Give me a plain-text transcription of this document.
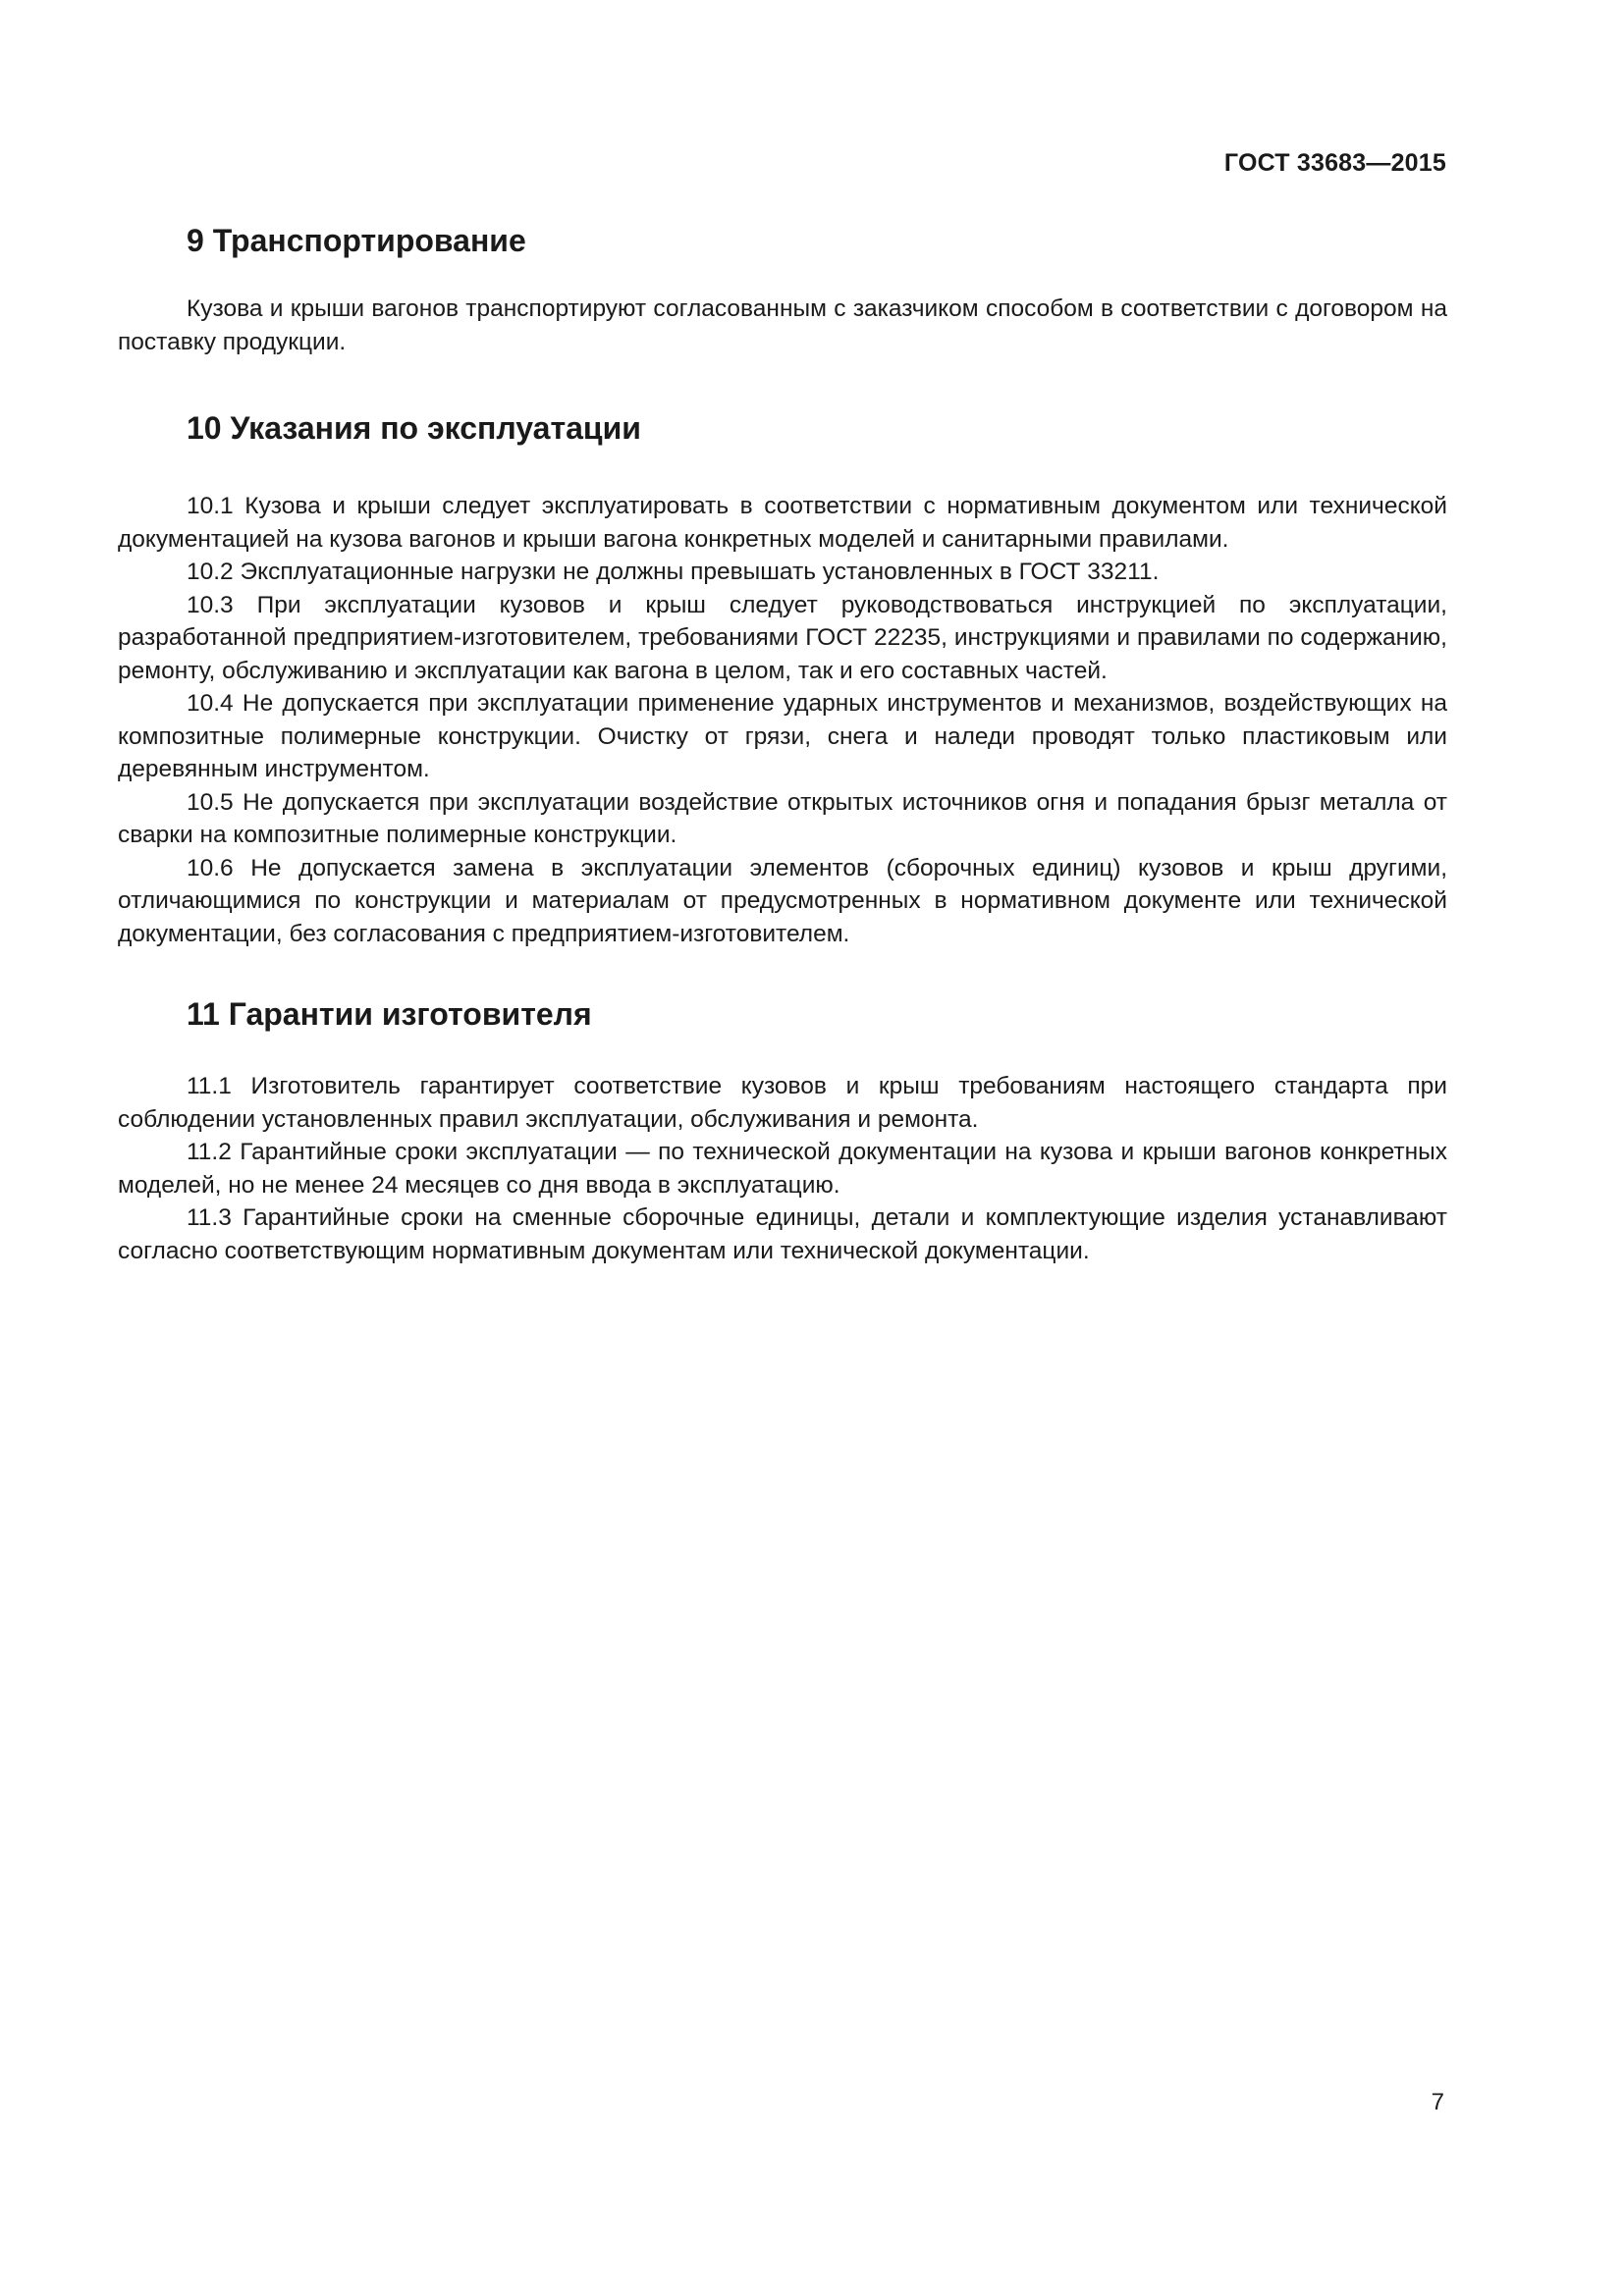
ГОСТ 33683—2015
9 Транспортирование

Кузова и крыши вагонов транспортируют согласованным с заказчиком способом в соответствии с договором на поставку продукции.

10 Указания по эксплуатации

10.1 Кузова и крыши следует эксплуатировать в соответствии с нормативным документом или технической документацией на кузова вагонов и крыши вагона конкретных моделей и санитарными правилами.

10.2 Эксплуатационные нагрузки не должны превышать установленных в ГОСТ 33211.

10.3 При эксплуатации кузовов и крыш следует руководствоваться инструкцией по эксплуатации, разработанной предприятием-изготовителем, требованиями ГОСТ 22235, инструкциями и правилами по содержанию, ремонту, обслуживанию и эксплуатации как вагона в целом, так и его составных частей.

10.4 Не допускается при эксплуатации применение ударных инструментов и механизмов, воздействующих на композитные полимерные конструкции. Очистку от грязи, снега и наледи проводят только пластиковым или деревянным инструментом.

10.5 Не допускается при эксплуатации воздействие открытых источников огня и попадания брызг металла от сварки на композитные полимерные конструкции.

10.6 Не допускается замена в эксплуатации элементов (сборочных единиц) кузовов и крыш другими, отличающимися по конструкции и материалам от предусмотренных в нормативном документе или технической документации, без согласования с предприятием-изготовителем.

11 Гарантии изготовителя

11.1 Изготовитель гарантирует соответствие кузовов и крыш требованиям настоящего стандарта при соблюдении установленных правил эксплуатации, обслуживания и ремонта.

11.2 Гарантийные сроки эксплуатации — по технической документации на кузова и крыши вагонов конкретных моделей, но не менее 24 месяцев со дня ввода в эксплуатацию.

11.3 Гарантийные сроки на сменные сборочные единицы, детали и комплектующие изделия устанавливают согласно соответствующим нормативным документам или технической документации.

7
